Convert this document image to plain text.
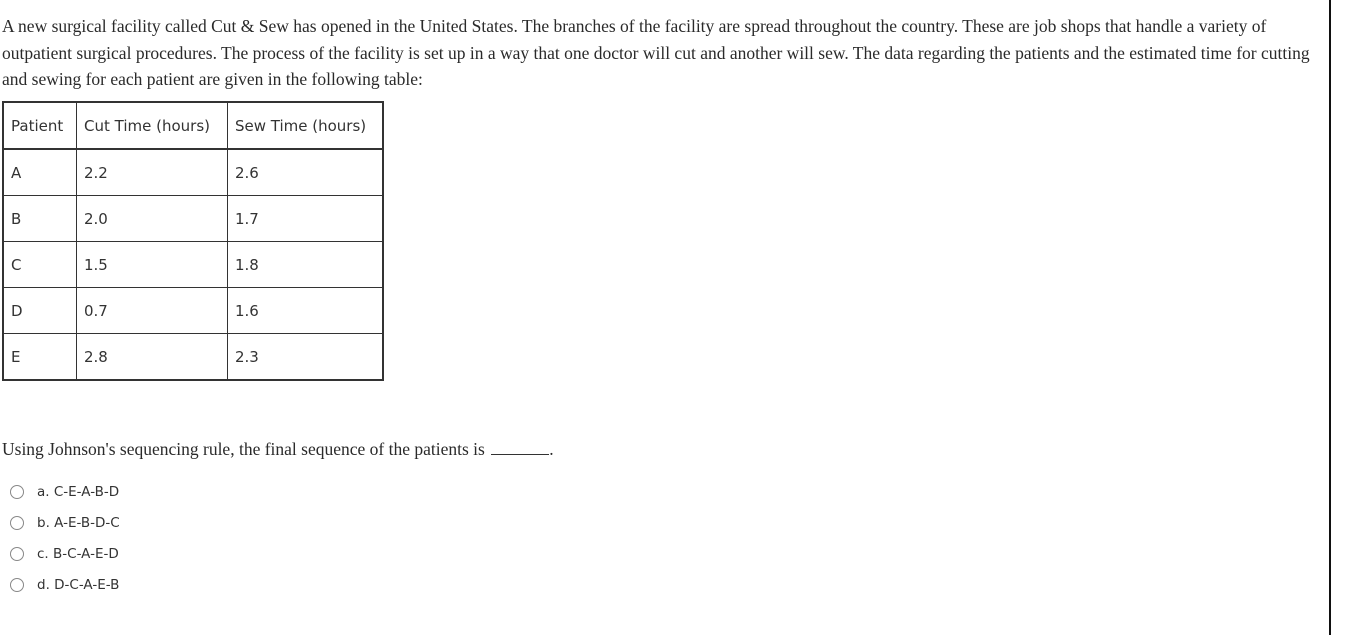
A new surgical facility called Cut & Sew has opened in the United States. The branches of the facility are spread throughout the country. These are job shops that handle a variety of outpatient surgical procedures. The process of the facility is set up in a way that one doctor will cut and another will sew. The data regarding the patients and the estimated time for cutting and sewing for each patient are given in the following table:

Patient	Cut Time (hours)	Sew Time (hours)
A	2.2	2.6
B	2.0	1.7
C	1.5	1.8
D	0.7	1.6
E	2.8	2.3

Using Johnson's sequencing rule, the final sequence of the patients is	.

a. C-E-A-B-D
b. A-E-B-D-C
c. B-C-A-E-D
d. D-C-A-E-B
